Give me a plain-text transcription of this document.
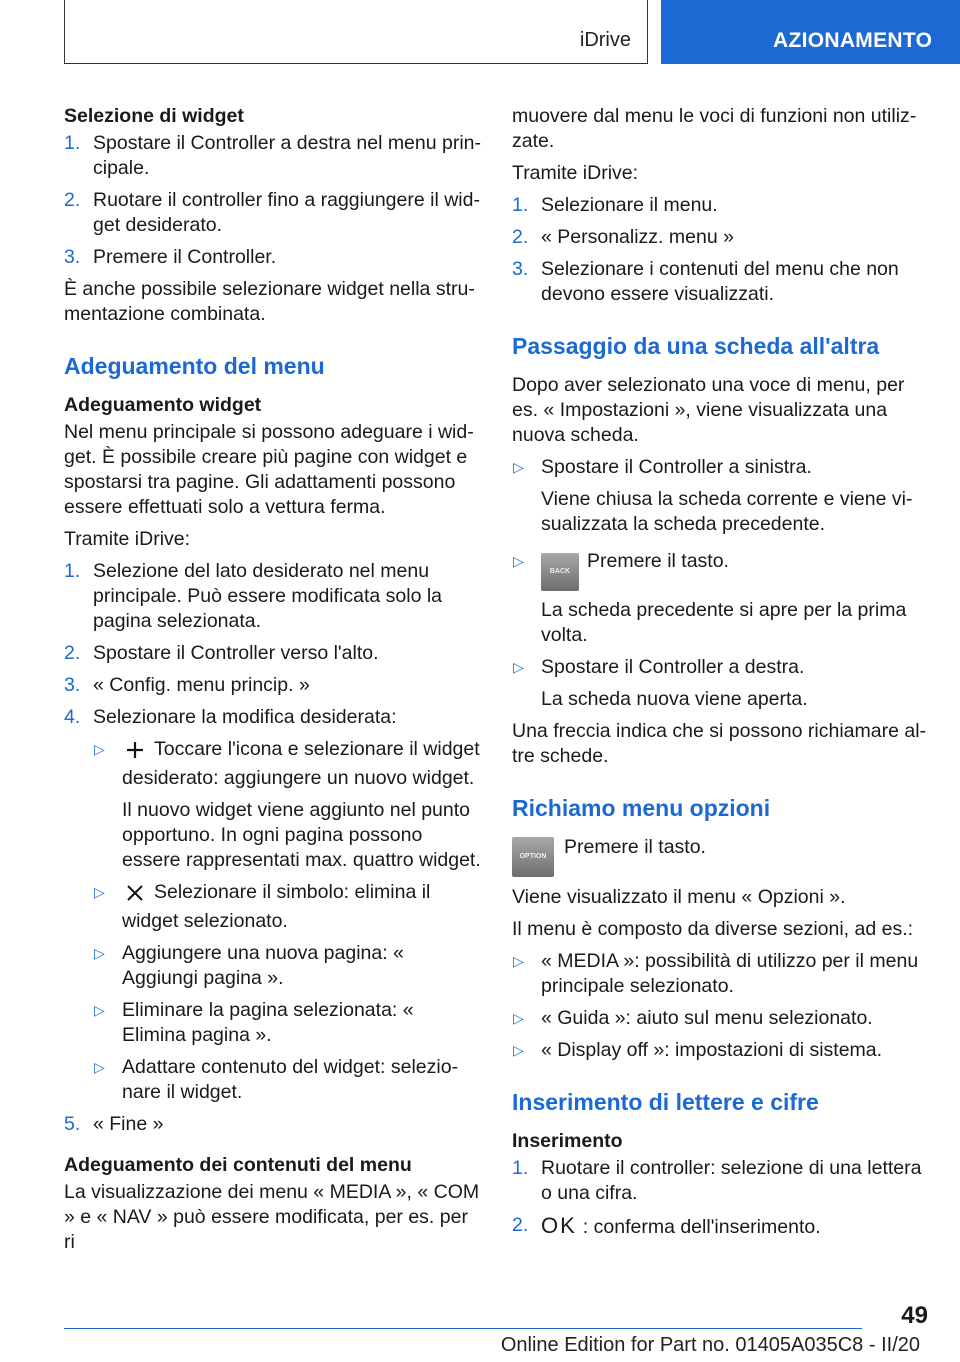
iDrive	AZIONAMENTO

Selezione di widget

1. Spostare il Controller a destra nel menu principale.
2. Ruotare il controller fino a raggiungere il widget desiderato.
3. Premere il Controller.

È anche possibile selezionare widget nella strumentazione combinata.

Adeguamento del menu

Adeguamento widget

Nel menu principale si possono adeguare i widget. È possibile creare più pagine con widget e spostarsi tra pagine. Gli adattamenti possono essere effettuati solo a vettura ferma.

Tramite iDrive:

1. Selezione del lato desiderato nel menu principale. Può essere modificata solo la pagina selezionata.
2. Spostare il Controller verso l'alto.
3. « Config. menu princip. »
4. Selezionare la modifica desiderata:
▷	Toccare l'icona e selezionare il widget desiderato: aggiungere un nuovo widget.

Il nuovo widget viene aggiunto nel punto opportuno. In ogni pagina possono essere rappresentati max. quattro widget.

▷	Selezionare il simbolo: elimina il widget selezionato.
▷ Aggiungere una nuova pagina: « Aggiungi pagina ».
▷ Eliminare la pagina selezionata: « Elimina pagina ».
▷ Adattare contenuto del widget: selezionare il widget.
5. « Fine »

Adeguamento dei contenuti del menu

La visualizzazione dei menu « MEDIA », « COM » e « NAV » può essere modificata, per es. per ri

muovere dal menu le voci di funzioni non utilizzate.

Tramite iDrive:

1. Selezionare il menu.
2. « Personalizz. menu »
3. Selezionare i contenuti del menu che non devono essere visualizzati.
Passaggio da una scheda all'altra

Dopo aver selezionato una voce di menu, per es. « Impostazioni », viene visualizzata una nuova scheda.

▷ Spostare il Controller a sinistra.

Viene chiusa la scheda corrente e viene visualizzata la scheda precedente.

▷
BACK Premere il tasto.

La scheda precedente si apre per la prima volta.

▷ Spostare il Controller a destra.

La scheda nuova viene aperta.

Una freccia indica che si possono richiamare altre schede.

Richiamo menu opzioni
OPTION Premere il tasto.

Viene visualizzato il menu « Opzioni ».

Il menu è composto da diverse sezioni, ad es.:

▷ « MEDIA »: possibilità di utilizzo per il menu principale selezionato.
▷ « Guida »: aiuto sul menu selezionato.
▷ « Display off »: impostazioni di sistema.
Inserimento di lettere e cifre

Inserimento

1. Ruotare il controller: selezione di una lettera o una cifra.
2. OK : conferma dell'inserimento.
49
Online Edition for Part no. 01405A035C8 - II/20
